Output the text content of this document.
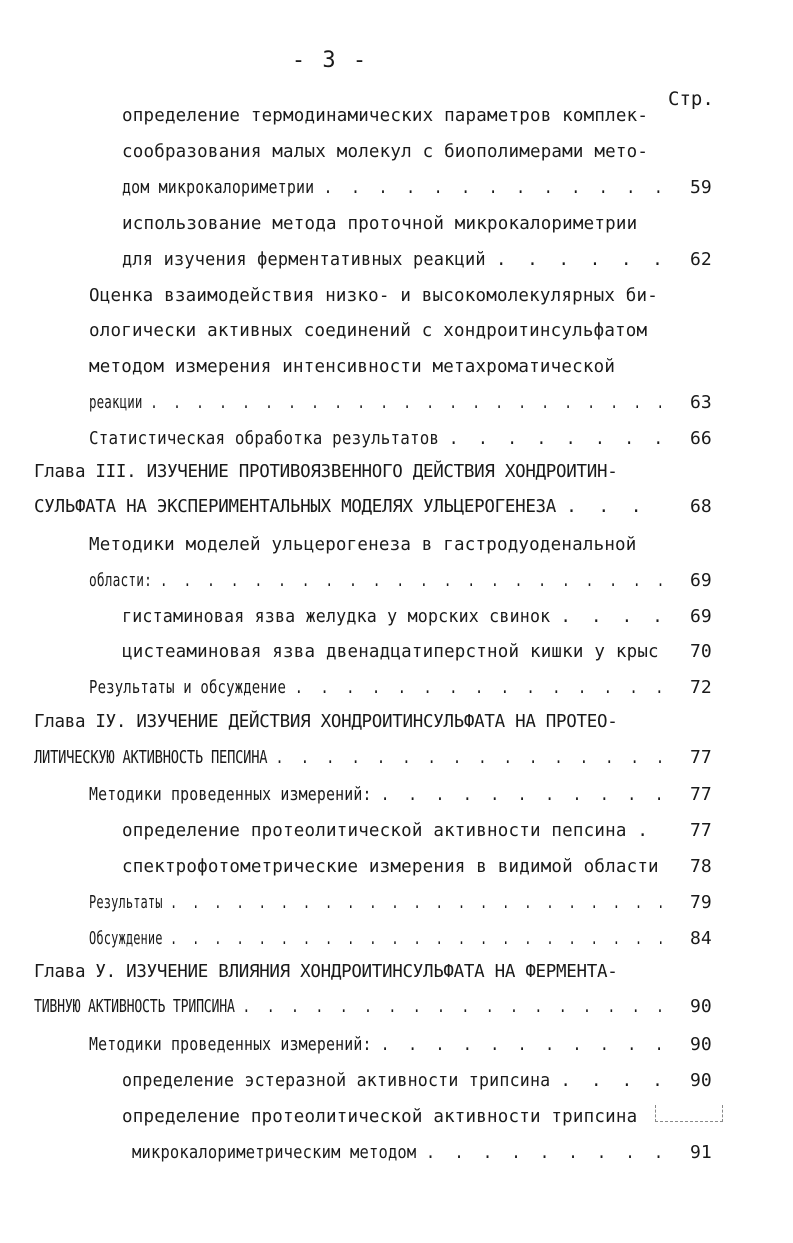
- 3 -
Стр.
определение термодинамических параметров комплек-
сообразования малых молекул с биополимерами мето-
дом микрокалориметрии . . . . . . . . . . . . . 59
использование метода проточной микрокалориметрии
для изучения ферментативных реакций . . . . . . 62
Оценка взаимодействия низко- и высокомолекулярных би-
ологически активных соединений с хондроитинсульфатом
методом измерения интенсивности метахроматической
реакции . . . . . . . . . . . . . . . . . . . . . . . 63
Статистическая обработка результатов . . . . . . . . 66
Глава III. ИЗУЧЕНИЕ ПРОТИВОЯЗВЕННОГО ДЕЙСТВИЯ ХОНДРОИТИН-
СУЛЬФАТА НА ЭКСПЕРИМЕНТАЛЬНЫХ МОДЕЛЯХ УЛЬЦЕРОГЕНЕЗА . . . 68
Методики моделей ульцерогенеза в гастродуоденальной
области: . . . . . . . . . . . . . . . . . . . . . . 69
гистаминовая язва желудка у морских свинок . . . . 69
цистеаминовая язва двенадцатиперстной кишки у крыс 70
Результаты и обсуждение . . . . . . . . . . . . . . . 72
Глава IУ. ИЗУЧЕНИЕ ДЕЙСТВИЯ ХОНДРОИТИНСУЛЬФАТА НА ПРОТЕО-
ЛИТИЧЕСКУЮ АКТИВНОСТЬ ПЕПСИНА . . . . . . . . . . . . . . . . 77
Методики проведенных измерений: . . . . . . . . . . . 77
определение протеолитической активности пепсина . 77
спектрофотометрические измерения в видимой области 78
Результаты . . . . . . . . . . . . . . . . . . . . . . . 79
Обсуждение . . . . . . . . . . . . . . . . . . . . . . . 84
Глава У. ИЗУЧЕНИЕ ВЛИЯНИЯ ХОНДРОИТИНСУЛЬФАТА НА ФЕРМЕНТА-
ТИВНУЮ АКТИВНОСТЬ ТРИПСИНА . . . . . . . . . . . . . . . . . . 90
Методики проведенных измерений: . . . . . . . . . . . 90
определение эстеразной активности трипсина . . . . 90
определение протеолитической активности трипсина
микрокалориметрическим методом . . . . . . . . . 91
